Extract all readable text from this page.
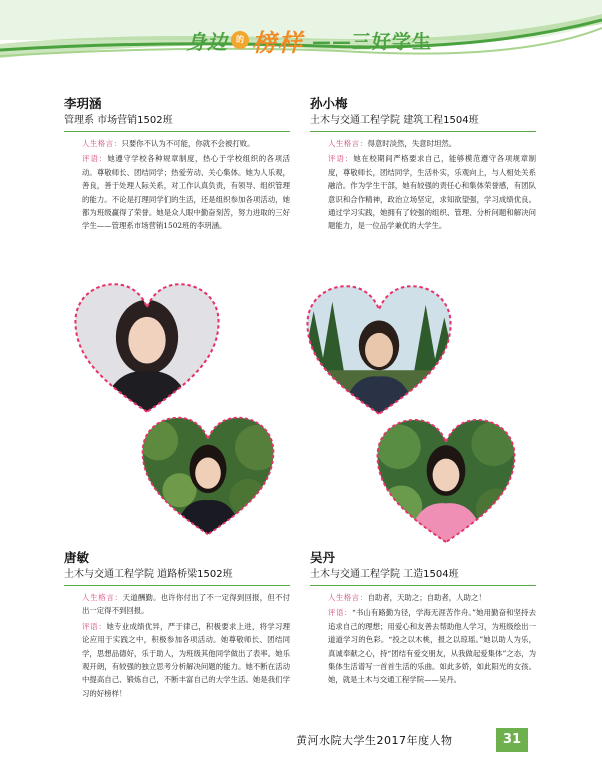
身边	的 榜样 ——三好学生
李玥涵
管理系 市场营销1502班
人生格言：只要你不认为不可能，你就不会被打败。
评语：她遵守学校各种规章制度，热心于学校组织的各项活动。尊敬师长、团结同学；热爱劳动、关心集体。她为人乐观，善良，善于处理人际关系，对工作认真负责，有领导、组织管理的能力。不论是打理同学们的生活，还是组织参加各项活动，她都为班级赢得了荣誉。她是众人眼中勤奋刻苦，努力进取的三好学生——管理系市场营销1502班的李玥涵。
孙小梅
土木与交通工程学院 建筑工程1504班
人生格言：得意时淡然，失意时坦然。
评语：她在校期间严格要求自己，能够模范遵守各项规章制度，尊敬师长，团结同学，生活朴实，乐观向上，与人相处关系融洽。作为学生干部，她有较强的责任心和集体荣誉感，有团队意识和合作精神，政治立场坚定，求知欲望强，学习成绩优良。通过学习实践，她拥有了较强的组织、管理、分析问题和解决问题能力，是一位品学兼优的大学生。
唐敏
土木与交通工程学院 道路桥梁1502班
人生格言：天道酬勤。也许你付出了不一定得到回报，但不付出一定得不到回报。
评语：她专业成绩优异，严于律己，积极要求上进，将学习理论应用于实践之中，积极参加各项活动。她尊敬师长、团结同学，思想品德好，乐于助人，为班级其他同学做出了表率。她乐观开朗，有较强的独立思考分析解决问题的能力。她不断在活动中提高自己、锻炼自己，不断丰富自己的大学生活。她是我们学习的好榜样！
吴丹
土木与交通工程学院 工造1504班
人生格言：自助者，天助之；自助者，人助之！
评语：“书山有路勤为径，学海无涯苦作舟。”她用勤奋和坚持去追求自己的理想；用爱心和友善去帮助他人学习，为班级绘出一道道学习的色彩。“投之以木桃，报之以琼瑶。”她以助人为乐，真诚奉献之心，持“团结有爱交朋友，从我做起爱集体”之态，为集体生活谱写一首首生活的乐曲。如此多娇，如此阳光的女孩。她，就是土木与交通工程学院——吴丹。
黄河水院大学生2017年度人物	31
